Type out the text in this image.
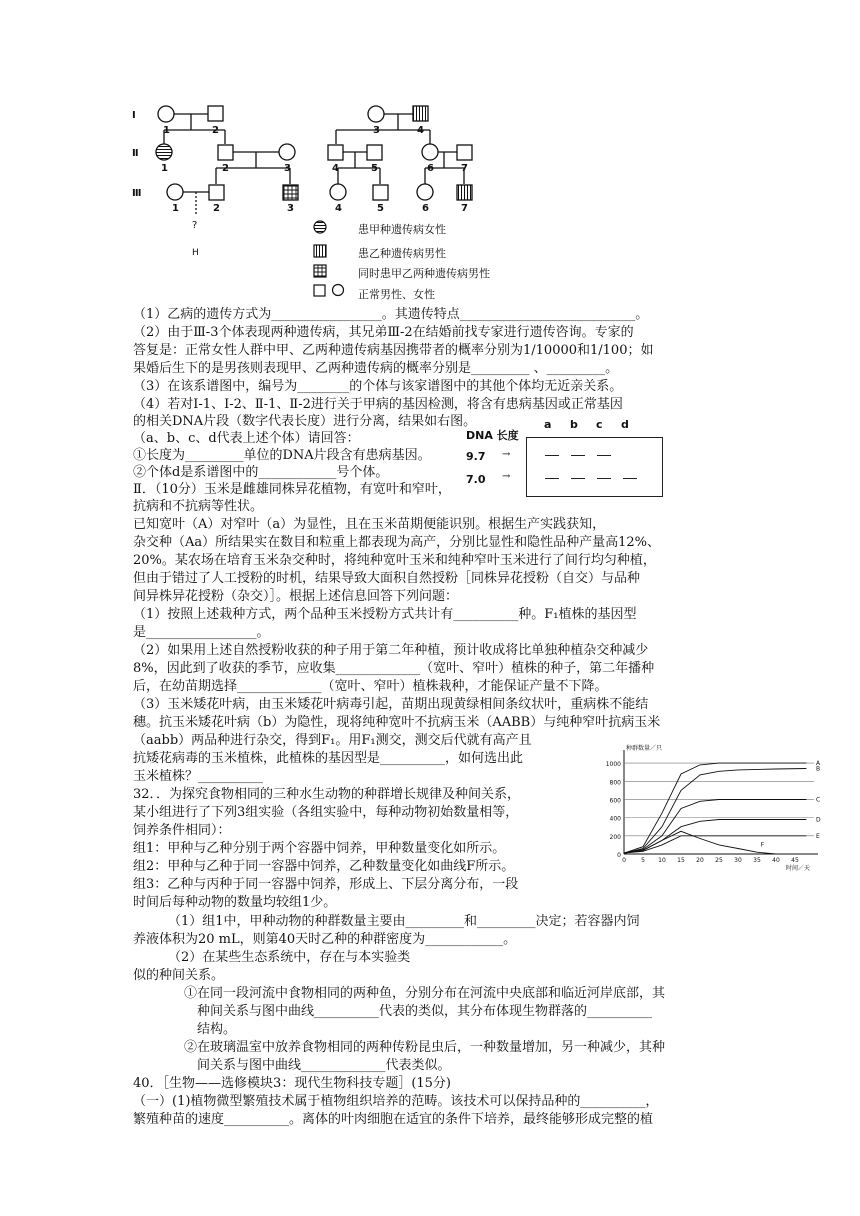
Ⅰ
Ⅱ
Ⅲ
1	2	3	4
1	2	3	4	5	6	7
1	2	3	4	5	6	7
?
H
患甲种遗传病女性
患乙种遗传病男性
同时患甲乙两种遗传病男性
正常男性、女性
（1）乙病的遗传方式为_________________。其遗传特点___________________________。
（2）由于Ⅲ-3个体表现两种遗传病，其兄弟Ⅲ-2在结婚前找专家进行遗传咨询。专家的
答复是：正常女性人群中甲、乙两种遗传病基因携带者的概率分别为1/10000和1/100；如
果婚后生下的是男孩则表现甲、乙两种遗传病的概率分别是_________ 、_________。
（3）在该系谱图中，编号为________的个体与该家谱图中的其他个体均无近亲关系。
（4）若对Ⅰ-1、Ⅰ-2、Ⅱ-1、Ⅱ-2进行关于甲病的基因检测，将含有患病基因或正常基因
的相关DNA片段（数字代表长度）进行分离，结果如右图。
（a、b、c、d代表上述个体）请回答：
①长度为_________单位的DNA片段含有患病基因。
②个体d是系谱图中的____________号个体。
Ⅱ．（10分）玉米是雌雄同株异花植物，有宽叶和窄叶，
抗病和不抗病等性状。
已知宽叶（A）对窄叶（a）为显性，且在玉米苗期便能识别。根据生产实践获知，
杂交种（Aa）所结果实在数目和粒重上都表现为高产，分别比显性和隐性品种产量高12%、
20%。某农场在培育玉米杂交种时，将纯种宽叶玉米和纯种窄叶玉米进行了间行均匀种植，
但由于错过了人工授粉的时机，结果导致大面积自然授粉［同株异花授粉（自交）与品种
间异株异花授粉（杂交）］。根据上述信息回答下列问题：
（1）按照上述栽种方式，两个品种玉米授粉方式共计有__________种。F₁植株的基因型
是_________________。
（2）如果用上述自然授粉收获的种子用于第二年种植，预计收成将比单独种植杂交种减少
8%，因此到了收获的季节，应收集_____________（宽叶、窄叶）植株的种子，第二年播种
后，在幼苗期选择_____________（宽叶、窄叶）植株栽种，才能保证产量不下降。
（3）玉米矮花叶病，由玉米矮花叶病毒引起，苗期出现黄绿相间条纹状叶，重病株不能结
穗。抗玉米矮花叶病（b）为隐性，现将纯种宽叶不抗病玉米（AABB）与纯种窄叶抗病玉米
（aabb）两品种进行杂交，得到F₁。用F₁测交，测交后代就有高产且
抗矮花病毒的玉米植株，此植株的基因型是__________，如何选出此
玉米植株？__________
DNA 长度
a b c d
9.7
7.0
→
→
1000
800
600
400
200
0
0	5 10 15 20 25 30 35 40 45
种群数量／只
时间／天
A
B
C
D
E
F
32．．为探究食物相同的三种水生动物的种群增长规律及种间关系，
某小组进行了下列3组实验（各组实验中，每种动物初始数量相等，
饲养条件相同）：
组1：甲种与乙种分别于两个容器中饲养，甲种数量变化如所示。
组2：甲种与乙种于同一容器中饲养，乙种数量变化如曲线F所示。
组3：乙种与丙种于同一容器中饲养，形成上、下层分离分布，一段
时间后每种动物的数量均较组1少。
（1）组1中，甲种动物的种群数量主要由_________和_________决定；若容器内饲
养液体积为20 mL，则第40天时乙种的种群密度为____________。
（2）在某些生态系统中，存在与本实验类
似的种间关系。
①在同一段河流中食物相同的两种鱼，分别分布在河流中央底部和临近河岸底部，其
种间关系与图中曲线__________代表的类似，其分布体现生物群落的__________
结构。
②在玻璃温室中放养食物相同的两种传粉昆虫后，一种数量增加，另一种减少，其种
间关系与图中曲线_____________代表类似。
40．［生物——选修模块3：现代生物科技专题］(15分)
（一）(1)植物微型繁殖技术属于植物组织培养的范畴。该技术可以保持品种的__________，
繁殖种苗的速度__________。离体的叶肉细胞在适宜的条件下培养，最终能够形成完整的植
